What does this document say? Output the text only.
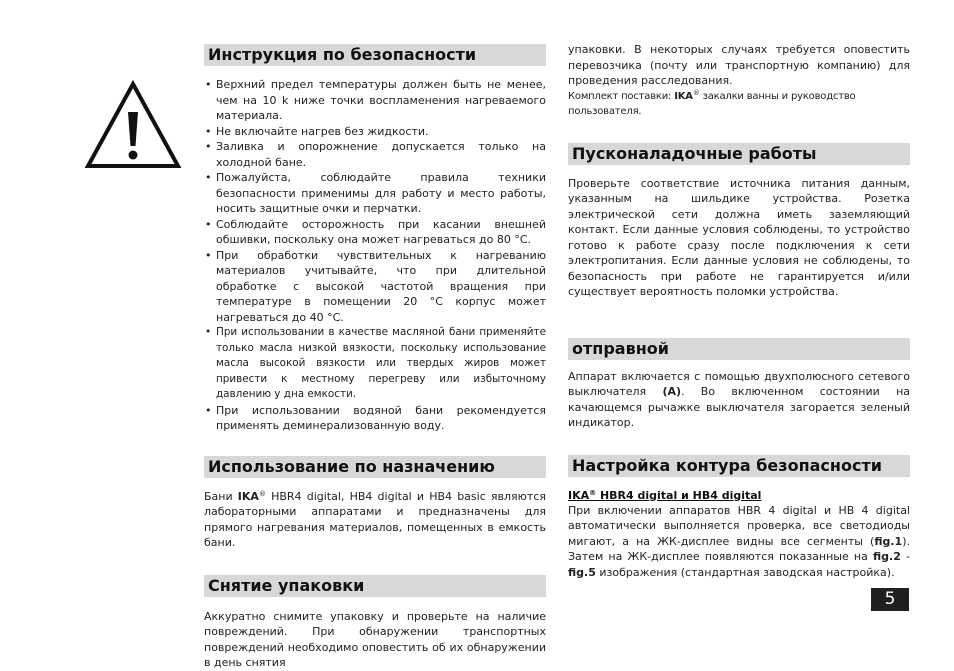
Инструкция по безопасности
• Верхний предел температуры должен быть не менее, чем на 10 k ниже точки воспламенения нагреваемого материала.
• Не включайте нагрев без жидкости.
• Заливка и опорожнение допускается только на холодной бане.
• Пожалуйста, соблюдайте правила техники безопасности применимы для работу и место работы, носить защитные очки и перчатки.
• Соблюдайте осторожность при касании внешней обшивки, поскольку она может нагреваться до 80 °C.
• При обработки чувствительных к нагреванию материалов учитывайте, что при длительной обработке с высокой частотой вращения при температуре в помещении 20 °C корпус может нагреваться до 40 °C.
• При использовании в качестве масляной бани применяйте только масла низкой вязкости, поскольку использование масла высокой вязкости или твердых жиров может привести к местному перегреву или избыточному давлению у дна емкости.
• При использовании водяной бани рекомендуется применять деминерализованную воду.
Использование по назначению

Бани IKA® HBR4 digital, HB4 digital и HB4 basic являются лабораторными аппаратами и предназначены для прямого нагревания материалов, помещенных в емкость бани.

Снятие упаковки

Аккуратно снимите упаковку и проверьте на наличие повреждений. При обнаружении транспортных повреждений необходимо оповестить об их обнаружении в день снятия

упаковки. В некоторых случаях требуется оповестить перевозчика (почту или транспортную компанию) для проведения расследования.

Комплект поставки: IKA® закалки ванны и руководство пользователя.

Пусконаладочные работы

Проверьте соответствие источника питания данным, указанным на шильдике устройства. Розетка электрической сети должна иметь заземляющий контакт. Если данные условия соблюдены, то устройство готово к работе сразу после подключения к сети электропитания. Если данные условия не соблюдены, то безопасность при работе не гарантируется и/или существует вероятность поломки устройства.

отправной

Аппарат включается с помощью двухполюсного сетевого выключателя (A). Во включенном состоянии на качающемся рычажке выключателя загорается зеленый индикатор.

Настройка контура безопасности
IKA® HBR4 digital и HB4 digital

При включении аппаратов HBR 4 digital и HB 4 digital автоматически выполняется проверка, все светодиоды мигают, а на ЖК-дисплее видны все сегменты (fig.1). Затем на ЖК-дисплее появляются показанные на fig.2 - fig.5 изображения (стандартная заводская настройка).

5
